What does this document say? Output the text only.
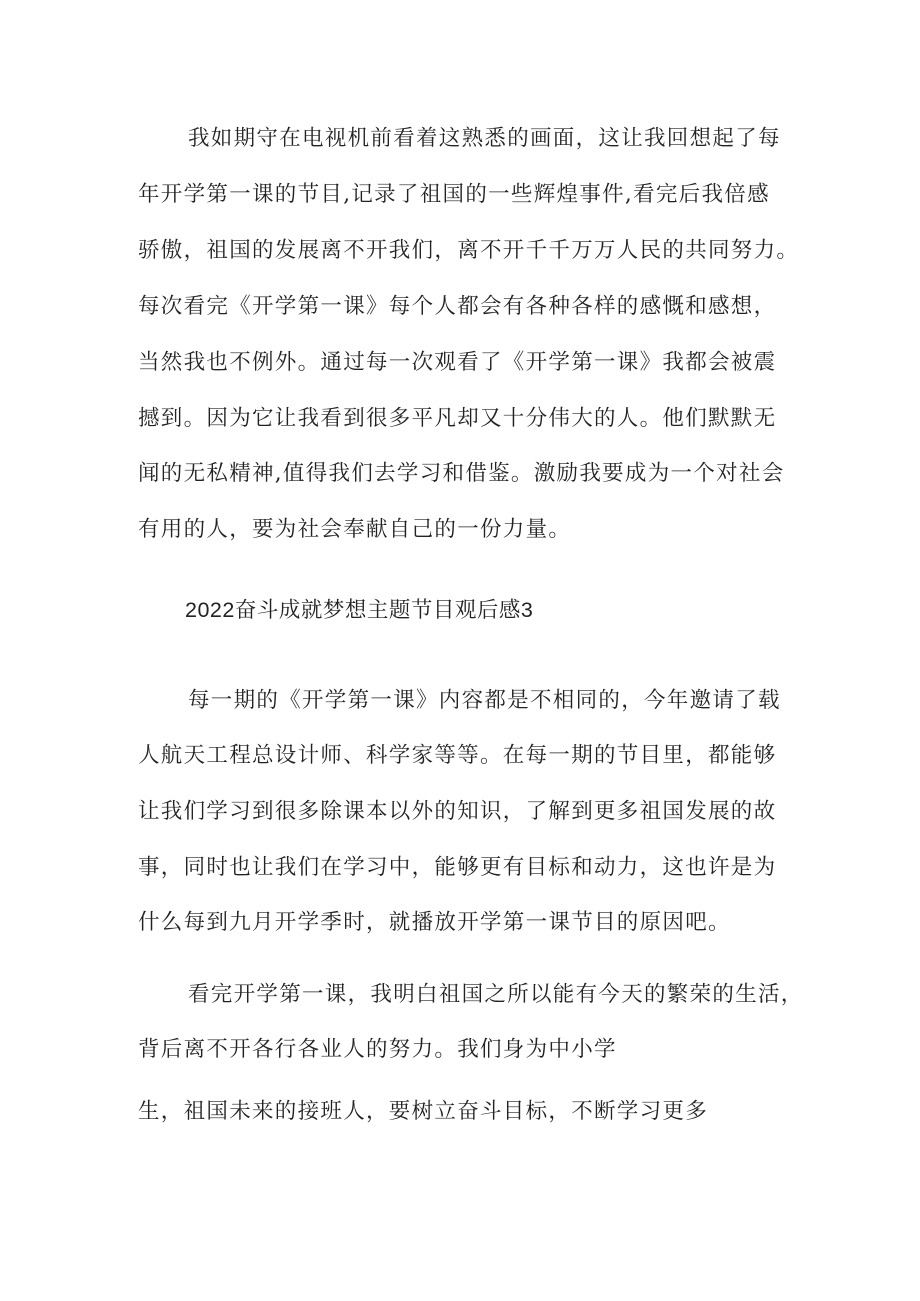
我如期守在电视机前看着这熟悉的画面，这让我回想起了每
年开学第一课的节目,记录了祖国的一些辉煌事件,看完后我倍感
骄傲，祖国的发展离不开我们，离不开千千万万人民的共同努力。
每次看完《开学第一课》每个人都会有各种各样的感慨和感想，
当然我也不例外。通过每一次观看了《开学第一课》我都会被震
撼到。因为它让我看到很多平凡却又十分伟大的人。他们默默无
闻的无私精神,值得我们去学习和借鉴。激励我要成为一个对社会
有用的人，要为社会奉献自己的一份力量。
2022奋斗成就梦想主题节目观后感3
每一期的《开学第一课》内容都是不相同的，今年邀请了载
人航天工程总设计师、科学家等等。在每一期的节目里，都能够
让我们学习到很多除课本以外的知识，了解到更多祖国发展的故
事，同时也让我们在学习中，能够更有目标和动力，这也许是为
什么每到九月开学季时，就播放开学第一课节目的原因吧。
看完开学第一课，我明白祖国之所以能有今天的繁荣的生活，
背后离不开各行各业人的努力。我们身为中小学
生，祖国未来的接班人，要树立奋斗目标，不断学习更多
